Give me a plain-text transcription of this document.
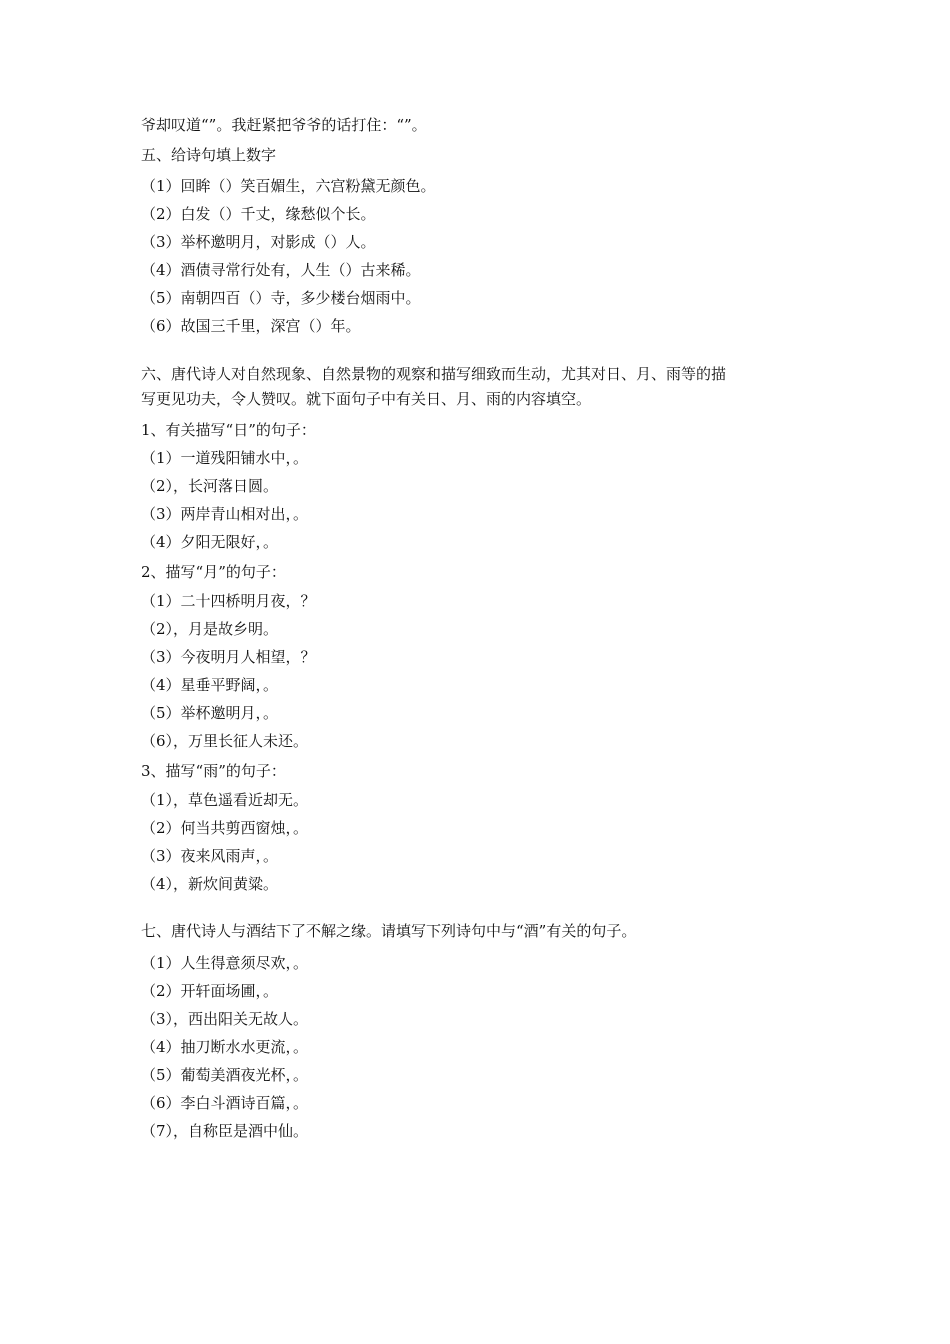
爷却叹道“”。我赶紧把爷爷的话打住：“”。
五、给诗句填上数字
（1）回眸（）笑百媚生，六宫粉黛无颜色。
（2）白发（）千丈，缘愁似个长。
（3）举杯邀明月，对影成（）人。
（4）酒债寻常行处有，人生（）古来稀。
（5）南朝四百（）寺，多少楼台烟雨中。
（6）故国三千里，深宫（）年。
六、唐代诗人对自然现象、自然景物的观察和描写细致而生动，尤其对日、月、雨等的描
写更见功夫，令人赞叹。就下面句子中有关日、月、雨的内容填空。
1、有关描写“日”的句子：
（1）一道残阳铺水中，。
（2），长河落日圆。
（3）两岸青山相对出，。
（4）夕阳无限好，。
2、描写“月”的句子：
（1）二十四桥明月夜，？
（2），月是故乡明。
（3）今夜明月人相望，？
（4）星垂平野阔，。
（5）举杯邀明月，。
（6），万里长征人未还。
3、描写“雨”的句子：
（1），草色遥看近却无。
（2）何当共剪西窗烛，。
（3）夜来风雨声，。
（4），新炊间黄粱。
七、唐代诗人与酒结下了不解之缘。请填写下列诗句中与“酒”有关的句子。
（1）人生得意须尽欢，。
（2）开轩面场圃，。
（3），西出阳关无故人。
（4）抽刀断水水更流，。
（5）葡萄美酒夜光杯，。
（6）李白斗酒诗百篇，。
（7），自称臣是酒中仙。
